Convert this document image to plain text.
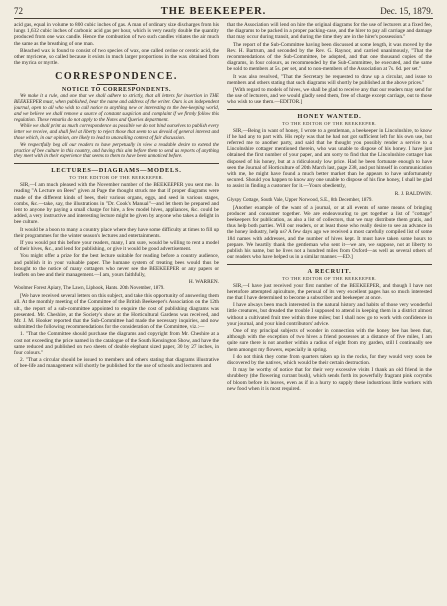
72	THE BEEKEEPER.	Dec. 15, 1879.

acid gas, equal in volume to 800 cubic inches of gas. A man of ordinary size discharges from his lungs 1,632 cubic inches of carbonic acid gas per hour, which is very nearly double the quantity produced from one wax candle. Hence the combustion of two such candles vitiates the air much the same as the breathing of one man.

Bleached wax is found to consist of two species of wax, one called cerine or cerotic acid, the other myricene, so called because it exists in much larger proportions in the wax obtained from the myrica or myrtle.

CORRESPONDENCE.
NOTICE TO CORRESPONDENTS.

We make it a rule, and one that we shall adhere to strictly, that all letters for insertion in THE BEEKEEPER must, when published, bear the name and address of the writer. Ours is an independent journal, open to all who wish to call notice to anything new or interesting to the bee-keeping world, and we believe we shall remove a source of constant suspicion and complaint if we firmly follow this regulation. These remarks do not apply to the Notes and Queries department.

While we shall print as much correspondence as possible we do not bind ourselves to publish every letter we receive, and shall feel at liberty to reject those that seem to us devoid of general interest and those which, in our opinion, are likely to lead to unavailing contest of fair discussion.

We respectfully beg all our readers to have perpetually in view a readable desire to extend the practice of bee culture in this country, and having this aim before them to send us reports of anything they meet with in their experience that seems to them to have been unnoticed before.

LECTURES—DIAGRAMS—MODELS.
TO THE EDITOR OF THE BEEKEEPER.

SIR,—I am much pleased with the November number of the BEEKEEPER you sent me. In reading "A Lecture on Bees" given at Page the thought struck me that if proper diagrams were made of the different kinds of bees, their various organs, eggs, and seed in various stages, combs, &c.—take, say, the illustrations in "Dr. Cook's Manual"—and let them be prepared and lent to anyone by paying a small charge for hire, a few model hives, appliances, &c. could be added, a very instructive and interesting lecture might be given by anyone who takes a delight in bee culture.

It would be a boon to many a country place where they have some difficulty at times to fill up their programmes for the winter season's lectures and entertainments.

If you would put this before your readers, many, I am sure, would be willing to rent a model of their hives, &c., and lend for publishing, or give it would be good advertisement.

You might offer a prize for the best lecture suitable for reading before a country audience, and publish it in your valuable paper. The humane system of treating bees would thus be brought to the notice of many cottagers who never see the BEEKEEPER or any papers or leaflets on bee and their management.—I am, yours faithfully,

H. WARREN.

Woolmer Forest Apiary, The Lawn, Liphook, Hants. 20th November, 1879.

[We have received several letters on this subject, and take this opportunity of answering them all. At the monthly meeting of the Committee of the British Beekeeper's Association on the 12th ult., the report of a sub-committee appointed to enquire the cost of publishing diagrams was presented. Mr. Cheshire, at the Society's show at the Horticultural Gardens was received, and Mr. J. M. Hooker reported that the Sub-Committee had made the necessary inquiries, and now submitted the following recommendations for the consideration of the Committee, viz.:—

1. "That the Committee should purchase the diagrams and copyright from Mr. Cheshire at a cost not exceeding the price named in the catalogue of the South Kensington Show, and have the same reduced and published on two sheets of double elephant sized paper, 30 by 27 inches, in four colours."

2. "That a circular should be issued to members and others stating that diagrams illustrative of bee-life and management will shortly be published for the use of schools and lecturers and

that the Association will lend on hire the original diagrams for the use of lecturers at a fixed fee, the diagrams to be packed in a proper packing-case, and the hirer to pay all carriage and damage that may occur during transit, and during the time they are in the hirer's possession."

The report of the Sub-Committee having been discussed at some length, it was moved by the Rev. H. Bartrum, and seconded by the Rev. G. Raynor, and carried unanimously, "That the recommendations of the Sub-Committee, be adopted, and that one thousand copies of the diagrams, in four colours, as recommended by the Sub-Committee, be executed, and the same be sold to members at 5s. per set, and to non-members of the Association at 7s. 6d. per set."

It was also resolved, "That the Secretary be requested to draw up a circular, and issue to members and others stating that such diagrams will shortly be published at the above prices."

[With regard to models of hives, we shall be glad to receive any that our readers may send for the use of lecturers, and we would gladly send them, free of charge except carriage, out to those who wish to use them.—EDITOR.]

HONEY WANTED.
TO THE EDITOR OF THE BEEKEEPER.

SIR,—Being in want of honey, I wrote to a gentleman, a beekeeper in Lincolnshire, to know if he had any to part with. His reply was that he had not got sufficient left for his own use, but referred me to another party, and said that he thought you possibly render a service to a Lincolnshire cottager mentioned therein, who was unable to dispose of his honey. I have just obtained the first number of your paper, and am sorry to find that the Lincolnshire cottager has disposed of his honey, but at a ridiculously low price. Had he been fortunate enough to have seen the Journal of Horticulture of 20th March last, page 238, and put himself in communication with me, he might have found a much better market than he appears to have unfortunately secured. Should you happen to know any one unable to dispose of his fine honey, I shall be glad to assist in finding a customer for it.—Yours obediently,

R. J. BALDWIN.

Glyspy Cottage, South Vale, Upper Norwood, S.E., 8th December, 1879.

[Another example of the want of a journal, or at all events of some means of bringing producer and consumer together. We are endeavouring to get together a list of "cottage" beekeepers for publication, as also a list of collectors, that we may distribute them gratis, and thus help both parties. Will our readers, or at least those who really desire to see an advance in the honey industry, help us? A few days ago we received a most carefully compiled list of some 184 names with addresses, and the number of hives kept. It must have taken some hours to prepare. We heartily thank the gentleman who sent it—we are, we suppose, not at liberty to publish his name, but he lives not a hundred miles from Oxford—as well as several others of our readers who have helped us in a similar manner.—ED.]

A RECRUIT.
TO THE EDITOR OF THE BEEKEEPER.

SIR,—I have just received your first number of the BEEKEEPER, and though I have not heretofore attempted apiculture, the perusal of its very excellent pages has so much interested me that I have determined to become a subscriber and beekeeper at once.

I have always been much interested in the natural history and habits of those very wonderful little creatures, but dreaded the trouble I supposed to attend in keeping them in a district almost without a cultivated fruit tree within three miles; but I shall now go to work with confidence in your journal, and your kind contributors' advice.

One of my principal subjects of wonder in connection with the honey bee has been that, although with the exception of two hives a friend possesses at a distance of five miles, I am quite sure there is not another within a radius of eight from my garden, still I continually see them amongst my flowers, especially in spring.

I do not think they come from quarters taken up in the rocks, for they would very soon be discovered by the natives, which would be their certain destruction.

It may be worthy of notice that for their very excessive visits I thank an old friend in the shrubbery (the flowering currant bush), which sends forth its powerfully fragrant pink corymbs of bloom before its leaves, even as if in a hurry to supply these industrious little workers with new food when it is most required.
